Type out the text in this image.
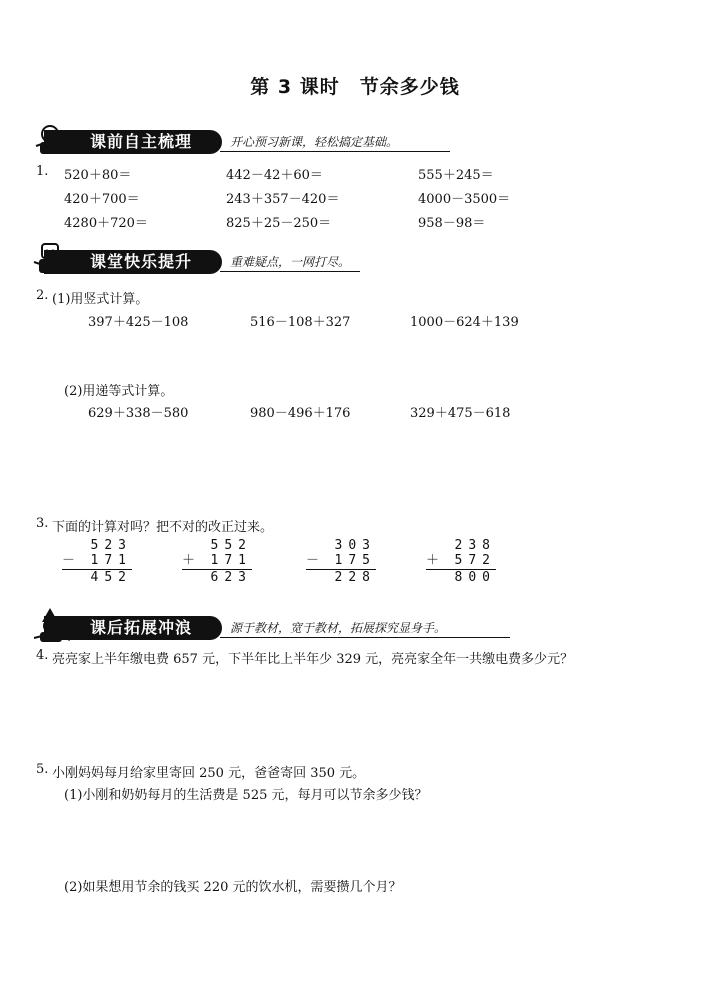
第 3 课时　节余多少钱
课前自主梳理	开心预习新课，轻松搞定基础。
1. 520＋80＝	442－42＋60＝	555＋245＝
420＋700＝	243＋357－420＝	4000－3500＝
4280＋720＝	825＋25－250＝	958－98＝
课堂快乐提升	重难疑点，一网打尽。
2. (1)用竖式计算。
397＋425－108	516－108＋327	1000－624＋139
(2)用递等式计算。
629＋338－580	980－496＋176	329＋475－618
3. 下面的计算对吗？把不对的改正过来。
523
－ 171
452
552
＋ 171
623
303
－ 175
228
238
＋ 572
800
课后拓展冲浪	源于教材，宽于教材，拓展探究显身手。
4. 亮亮家上半年缴电费 657 元，下半年比上半年少 329 元，亮亮家全年一共缴电费多少元？
5. 小刚妈妈每月给家里寄回 250 元，爸爸寄回 350 元。
(1)小刚和奶奶每月的生活费是 525 元，每月可以节余多少钱？
(2)如果想用节余的钱买 220 元的饮水机，需要攒几个月？
